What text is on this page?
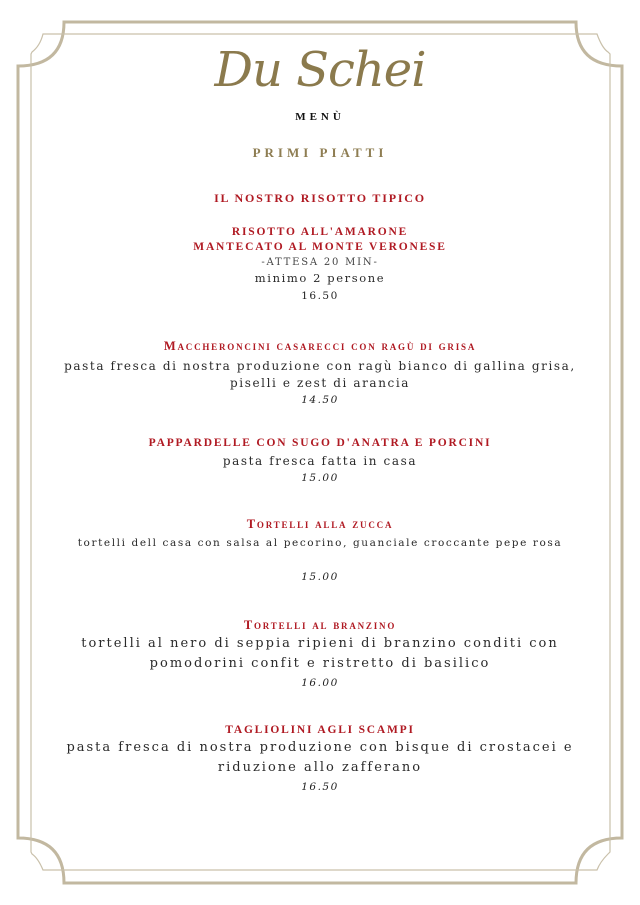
Du Schei
MENÙ
PRIMI PIATTI
IL NOSTRO RISOTTO TIPICO
RISOTTO ALL'AMARONE
MANTECATO AL MONTE VERONESE
-ATTESA 20 MIN-
minimo 2 persone
16.50
Maccheroncini casarecci con ragù di grisa
pasta fresca di nostra produzione con ragù bianco di gallina grisa,
piselli e zest di arancia
14.50
PAPPARDELLE CON SUGO D'ANATRA E PORCINI
pasta fresca fatta in casa
15.00
Tortelli alla zucca
tortelli dell casa con salsa al pecorino, guanciale croccante pepe rosa
15.00
Tortelli al branzino
tortelli al nero di seppia ripieni di branzino conditi con
pomodorini confit e ristretto di basilico
16.00
TAGLIOLINI AGLI SCAMPI
pasta fresca di nostra produzione con bisque di crostacei e
riduzione allo zafferano
16.50
